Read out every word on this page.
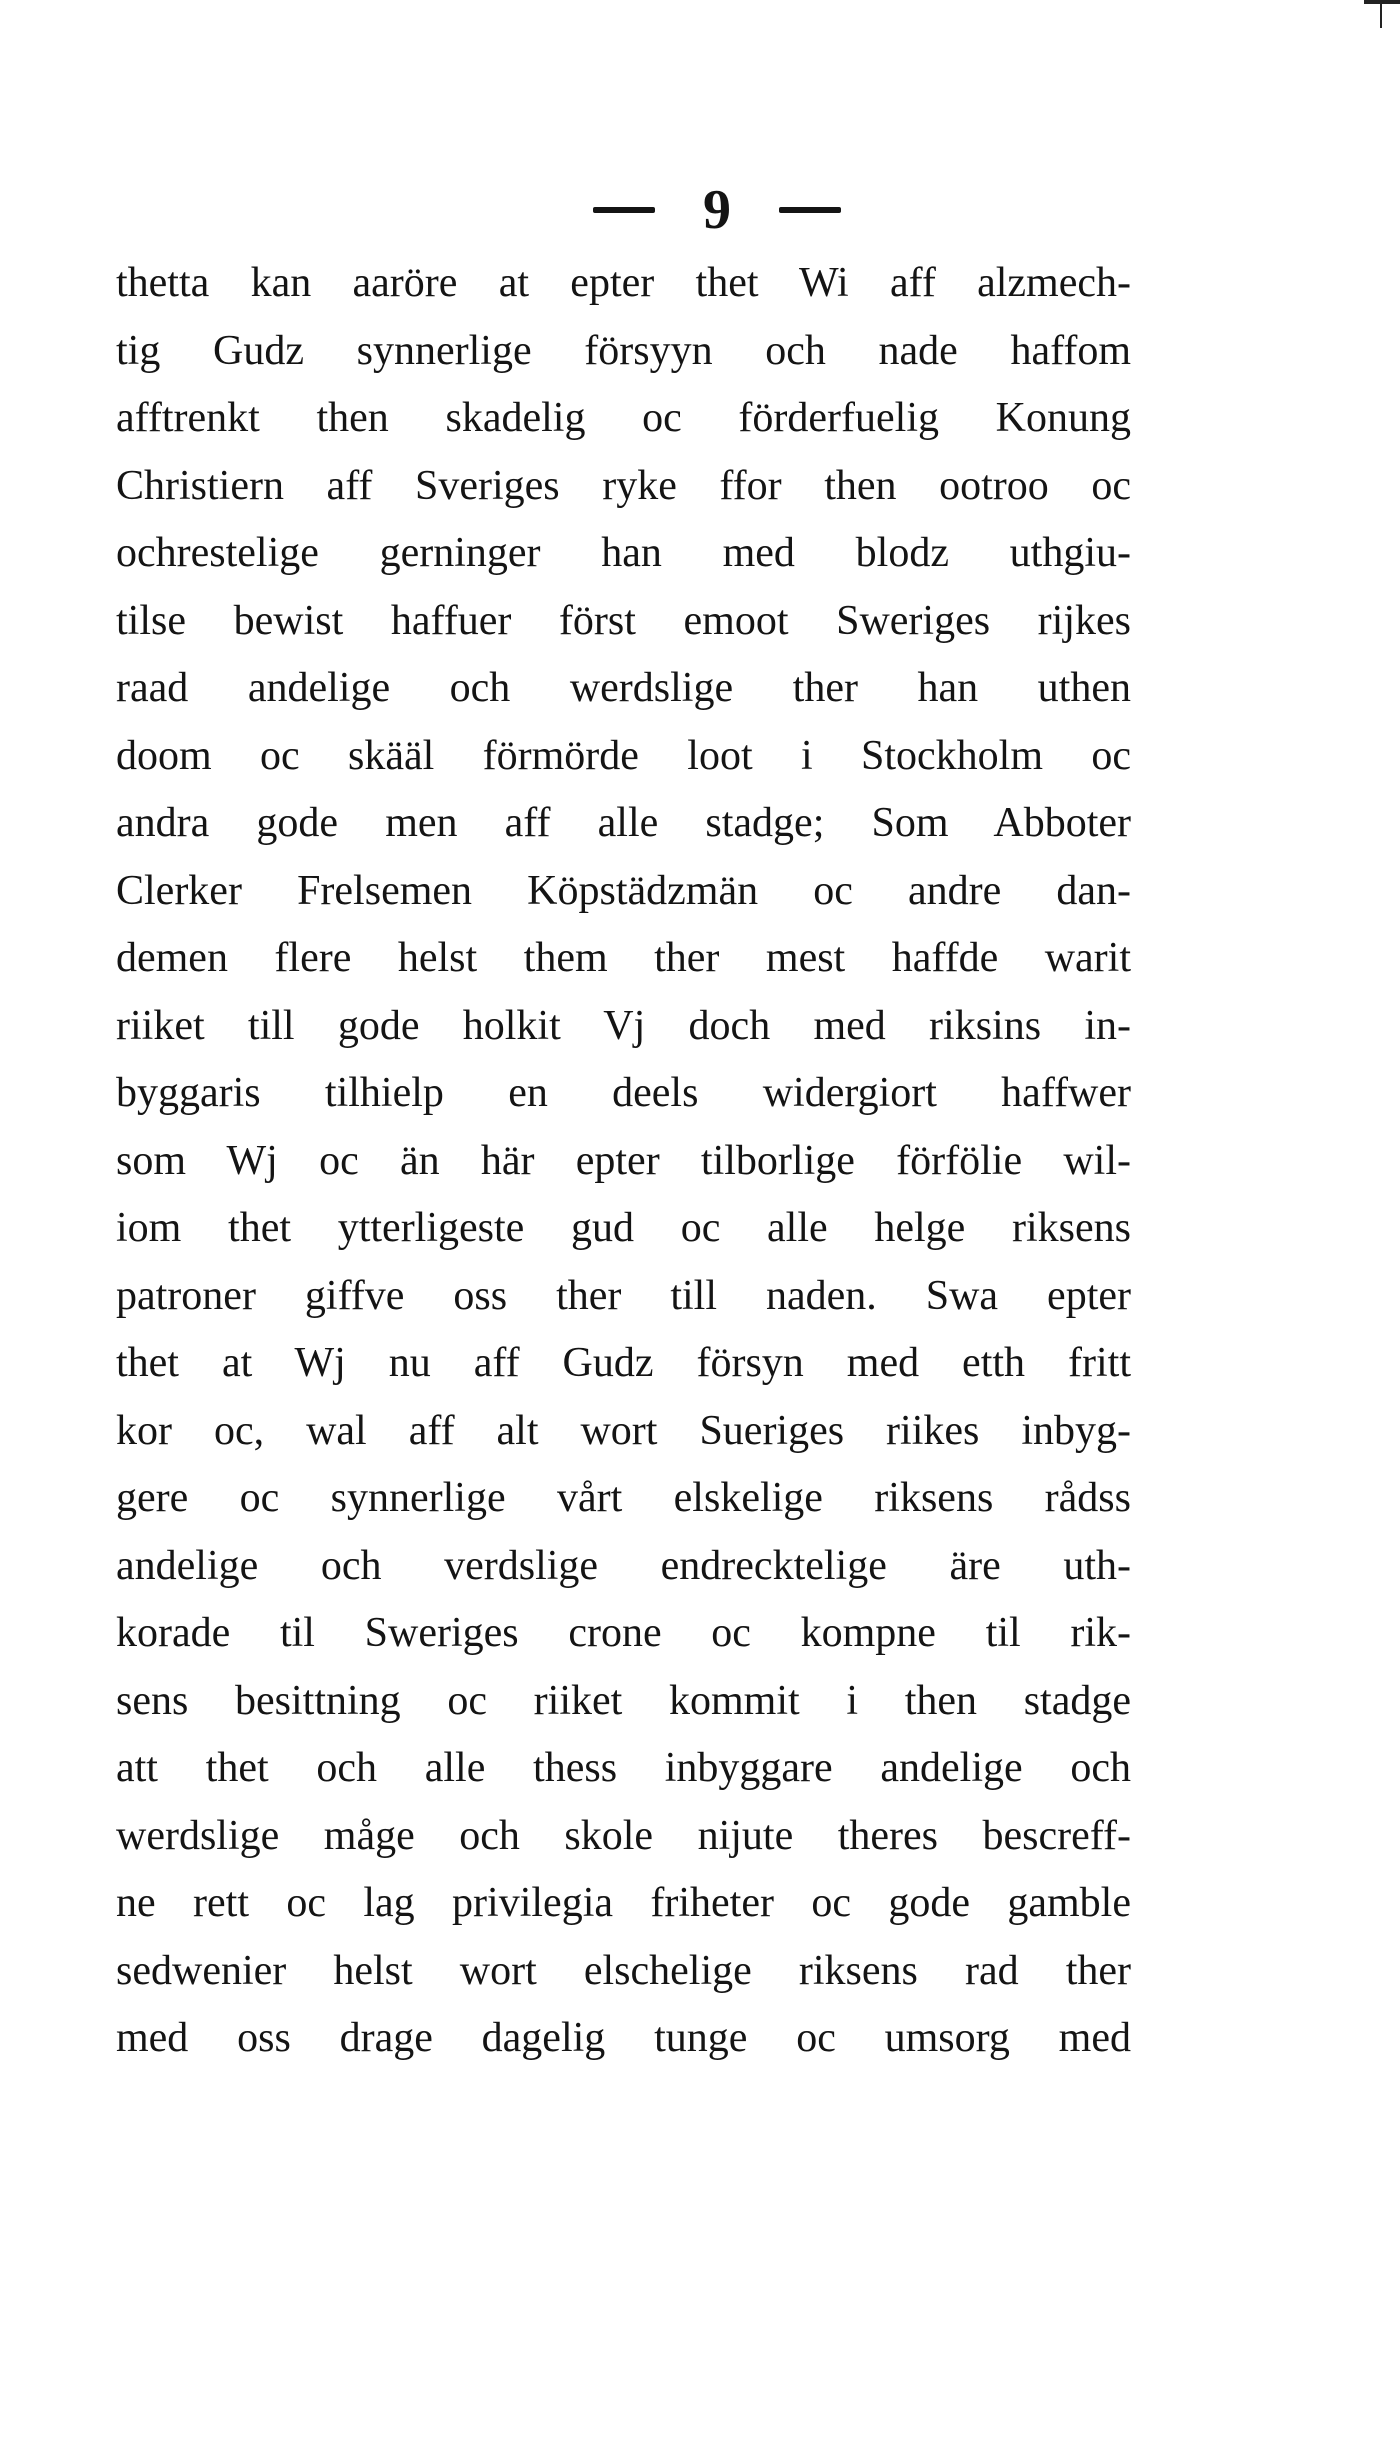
9
thetta kan aaröre at epter thet Wi aff alzmech-
tig Gudz synnerlige försyyn och nade haffom
afftrenkt then skadelig oc förderfuelig Konung
Christiern aff Sveriges ryke ffor then ootroo oc
ochrestelige gerninger han med blodz uthgiu-
tilse bewist haffuer först emoot Sweriges rijkes
raad andelige och werdslige ther han uthen
doom oc skääl förmörde loot i Stockholm oc
andra gode men aff alle stadge; Som Abboter
Clerker Frelsemen Köpstädzmän oc andre dan-
demen flere helst them ther mest haffde warit
riiket till gode holkit Vj doch med riksins in-
byggaris tilhielp en deels widergiort haffwer
som Wj oc än här epter tilborlige förfölie wil-
iom thet ytterligeste gud oc alle helge riksens
patroner giffve oss ther till naden. Swa epter
thet at Wj nu aff Gudz försyn med etth fritt
kor oc, wal aff alt wort Sueriges riikes inbyg-
gere oc synnerlige vårt elskelige riksens rådss
andelige och verdslige endrecktelige äre uth-
korade til Sweriges crone oc kompne til rik-
sens besittning oc riiket kommit i then stadge
att thet och alle thess inbyggare andelige och
werdslige måge och skole nijute theres bescreff-
ne rett oc lag privilegia friheter oc gode gamble
sedwenier helst wort elschelige riksens rad ther
med oss drage dagelig tunge oc umsorg med
